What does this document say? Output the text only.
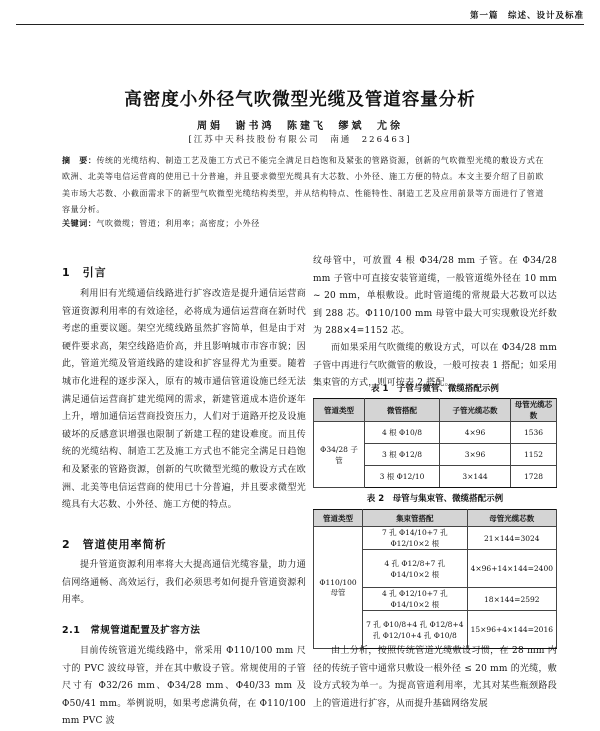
第一篇　综述、设计及标准
高密度小外径气吹微型光缆及管道容量分析
周娟 谢书鸿 陈建飞 缪斌 尤徐
[江苏中天科技股份有限公司　南通　226463]
摘　要：传统的光缆结构、制造工艺及施工方式已不能完全满足日趋饱和及紧张的管路资源，创新的气吹微型光缆的敷设方式在欧洲、北美等电信运营商的使用已十分普遍，并且要求微型光缆具有大芯数、小外径、施工方便的特点。本文主要介绍了目前欧美市场大芯数、小截面需求下的新型气吹微型光缆结构类型，并从结构特点、性能特性、制造工艺及应用前景等方面进行了管道容量分析。
关键词：气吹微缆；管道；利用率；高密度；小外径
1　引言
利用旧有光缆通信线路进行扩容改造是提升通信运营商管道资源利用率的有效途径，必将成为通信运营商在新时代考虑的重要议题。架空光缆线路虽然扩容简单，但是由于对硬件要求高，架空线路造价高，并且影响城市市容市貌；因此，管道光缆及管道线路的建设和扩容显得尤为重要。随着城市化进程的逐步深入，原有的城市通信管道设施已经无法满足通信运营商扩建光缆网的需求，新建管道成本造价逐年上升，增加通信运营商投资压力，人们对于道路开挖及设施破坏的反感意识增强也限制了新建工程的建设难度。而且传统的光缆结构、制造工艺及施工方式也不能完全满足日趋饱和及紧张的管路资源，创新的气吹微型光缆的敷设方式在欧洲、北美等电信运营商的使用已十分普遍，并且要求微型光缆具有大芯数、小外径、施工方便的特点。
2　管道使用率简析
提升管道资源利用率将大大提高通信光缆容量，助力通信网络通畅、高效运行，我们必须思考如何提升管道资源利用率。
2.1　常规管道配置及扩容方法
目前传统管道光缆线路中，常采用 Φ110/100 mm 尺寸的 PVC 波纹母管，并在其中敷设子管。常规使用的子管尺寸有 Φ32/26 mm、Φ34/28 mm、Φ40/33 mm 及 Φ50/41 mm。举例说明，如果考虑满负荷，在 Φ110/100 mm PVC 波
纹母管中，可放置 4 根 Φ34/28 mm 子管。在 Φ34/28 mm 子管中可直接安装管道缆，一般管道缆外径在 10 mm ~ 20 mm，单根敷设。此时管道缆的常规最大芯数可以达到 288 芯。Φ110/100 mm 母管中最大可实现敷设光纤数为 288×4=1152 芯。
而如果采用气吹微缆的敷设方式，可以在 Φ34/28 mm 子管中再进行气吹微管的敷设，一般可按表 1 搭配；如采用集束管的方式，则可按表 2 搭配。
表 1　子管与微管、微缆搭配示例
管道类型	微管搭配	子管光缆芯数	母管光缆芯数
Φ34/28 子管	4 根 Φ10/8	4×96	1536
	3 根 Φ12/8	3×96	1152
	3 根 Φ12/10	3×144	1728
表 2　母管与集束管、微缆搭配示例
管道类型	集束管搭配	母管光缆芯数
Φ110/100 母管	7 孔 Φ14/10+7 孔 Φ12/10×2 根	21×144=3024
	4 孔 Φ12/8+7 孔 Φ14/10×2 根	4×96+14×144=2400
	4 孔 Φ12/10+7 孔 Φ14/10×2 根	18×144=2592
	7 孔 Φ10/8+4 孔 Φ12/8+4 孔 Φ12/10+4 孔 Φ10/8	15×96+4×144=2016
由上分析，按照传统管道光缆敷设习惯，在 28 mm 内径的传统子管中通常只敷设一根外径 ≤ 20 mm 的光缆，敷设方式较为单一。为提高管道利用率，尤其对某些瓶颈路段上的管道进行扩容，从而提升基础网络发展
